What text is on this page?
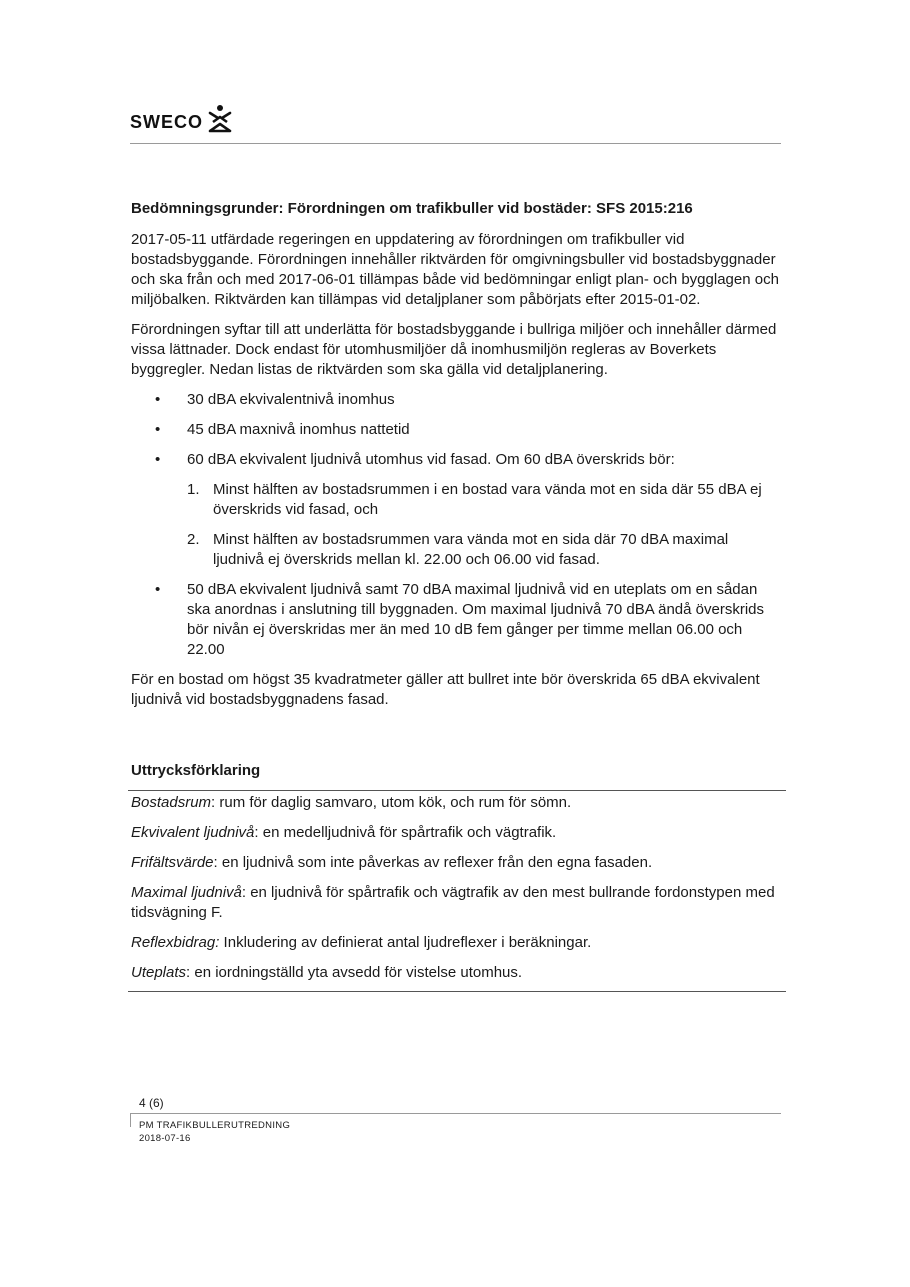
SWECO
Bedömningsgrunder: Förordningen om trafikbuller vid bostäder: SFS 2015:216

2017-05-11 utfärdade regeringen en uppdatering av förordningen om trafikbuller vid bostadsbyggande. Förordningen innehåller riktvärden för omgivningsbuller vid bostadsbyggnader och ska från och med 2017-06-01 tillämpas både vid bedömningar enligt plan- och bygglagen och miljöbalken. Riktvärden kan tillämpas vid detaljplaner som påbörjats efter 2015-01-02.

Förordningen syftar till att underlätta för bostadsbyggande i bullriga miljöer och innehåller därmed vissa lättnader. Dock endast för utomhusmiljöer då inomhusmiljön regleras av Boverkets byggregler. Nedan listas de riktvärden som ska gälla vid detaljplanering.

• 30 dBA ekvivalentnivå inomhus
• 45 dBA maxnivå inomhus nattetid
• 60 dBA ekvivalent ljudnivå utomhus vid fasad. Om 60 dBA överskrids bör:
1. Minst hälften av bostadsrummen i en bostad vara vända mot en sida där 55 dBA ej överskrids vid fasad, och
2. Minst hälften av bostadsrummen vara vända mot en sida där 70 dBA maximal ljudnivå ej överskrids mellan kl. 22.00 och 06.00 vid fasad.
• 50 dBA ekvivalent ljudnivå samt 70 dBA maximal ljudnivå vid en uteplats om en sådan ska anordnas i anslutning till byggnaden. Om maximal ljudnivå 70 dBA ändå överskrids bör nivån ej överskridas mer än med 10 dB fem gånger per timme mellan 06.00 och 22.00

För en bostad om högst 35 kvadratmeter gäller att bullret inte bör överskrida 65 dBA ekvivalent ljudnivå vid bostadsbyggnadens fasad.

Uttrycksförklaring

Bostadsrum: rum för daglig samvaro, utom kök, och rum för sömn.

Ekvivalent ljudnivå: en medelljudnivå för spårtrafik och vägtrafik.

Frifältsvärde: en ljudnivå som inte påverkas av reflexer från den egna fasaden.

Maximal ljudnivå: en ljudnivå för spårtrafik och vägtrafik av den mest bullrande fordonstypen med tidsvägning F.

Reflexbidrag: Inkludering av definierat antal ljudreflexer i beräkningar.

Uteplats: en iordningställd yta avsedd för vistelse utomhus.

4 (6)
PM TRAFIKBULLERUTREDNING
2018-07-16
